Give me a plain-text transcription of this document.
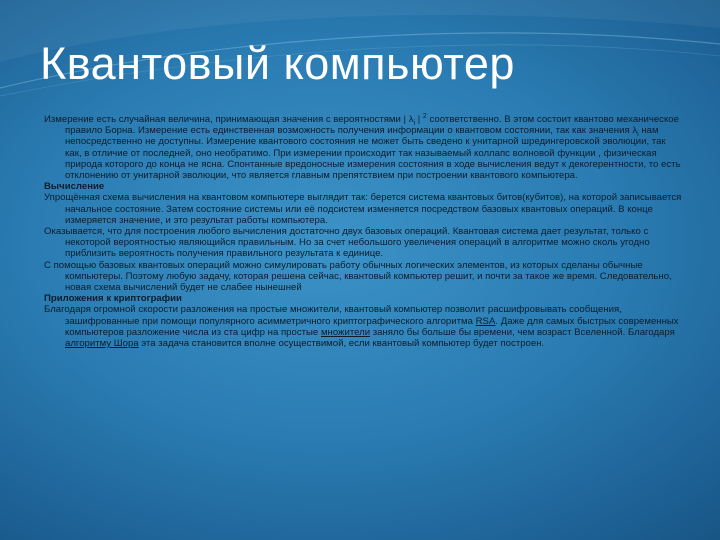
Квантовый компьютер

Измерение есть случайная величина, принимающая значения с вероятностями | $\lambda_i$ | $^2$ соответственно. В этом состоит квантово механическое правило Борна. Измерение есть единственная возможность получения информации о квантовом состоянии, так как значения $\lambda_i$ нам непосредственно не доступны. Измерение квантового состояния не может быть сведено к унитарной шредингеровской эволюции, так как, в отличие от последней, оно необратимо. При измерении происходит так называемый коллапс волновой функции , физическая природа которого до конца не ясна. Спонтанные вредоносные измерения состояния в ходе вычисления ведут к декогерентности, то есть отклонению от унитарной эволюции, что является главным препятствием при построении квантового компьютера.

Вычисление

Упрощённая схема вычисления на квантовом компьютере выглядит так: берется система квантовых битов(кубитов), на которой записывается начальное состояние. Затем состояние системы или её подсистем изменяется посредством базовых квантовых операций. В конце измеряется значение, и это результат работы компьютера.

Оказывается, что для построения любого вычисления достаточно двух базовых операций. Квантовая система дает результат, только с некоторой вероятностью являющийся правильным. Но за счет небольшого увеличения операций в алгоритме можно сколь угодно приблизить вероятность получения правильного результата к единице.

С помощью базовых квантовых операций можно симулировать работу обычных логических элементов, из которых сделаны обычные компьютеры. Поэтому любую задачу, которая решена сейчас, квантовый компьютер решит, и почти за такое же время. Следовательно, новая схема вычислений будет не слабее нынешней

Приложения к криптографии

Благодаря огромной скорости разложения на простые множители, квантовый компьютер позволит расшифровывать сообщения, зашифрованные при помощи популярного асимметричного криптографического алгоритма RSA. Даже для самых быстрых современных компьютеров разложение числа из ста цифр на простые множители заняло бы больше бы времени, чем возраст Вселенной. Благодаря алгоритму Шора эта задача становится вполне осуществимой, если квантовый компьютер будет построен.
